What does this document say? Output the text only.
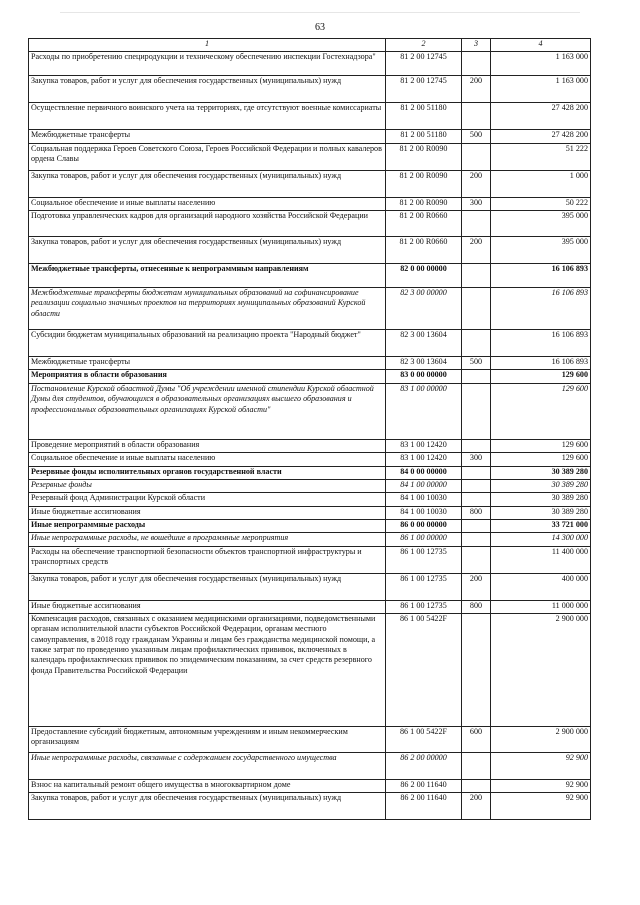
63
1	2	3	4
Расходы по приобретению специродукции и техническому обеспечению инспекции Гостехнадзора"	81 2 00 12745		1 163 000
Закупка товаров, работ и услуг для обеспечения государственных (муниципальных) нужд	81 2 00 12745	200	1 163 000
Осуществление первичного воинского учета на территориях, где отсутствуют военные комиссариаты	81 2 00 51180		27 428 200
Межбюджетные трансферты	81 2 00 51180	500	27 428 200
Социальная поддержка Героев Советского Союза, Героев Российской Федерации и полных кавалеров ордена Славы	81 2 00 R0090		51 222
Закупка товаров, работ и услуг для обеспечения государственных (муниципальных) нужд	81 2 00 R0090	200	1 000
Социальное обеспечение и иные выплаты населению	81 2 00 R0090	300	50 222
Подготовка управленческих кадров для организаций народного хозяйства Российской Федерации	81 2 00 R0660		395 000
Закупка товаров, работ и услуг для обеспечения государственных (муниципальных) нужд	81 2 00 R0660	200	395 000
Межбюджетные трансферты, отнесенные к непрограммным направлениям	82 0 00 00000		16 106 893
Межбюджетные трансферты бюджетам муниципальных образований на софинансирование реализации социально значимых проектов на территориях муниципальных образований Курской области	82 3 00 00000		16 106 893
Субсидии бюджетам муниципальных образований на реализацию проекта "Народный бюджет"	82 3 00 13604		16 106 893
Межбюджетные трансферты	82 3 00 13604	500	16 106 893
Мероприятия в области образования	83 0 00 00000		129 600
Постановление Курской областной Думы "Об учреждении именной стипендии Курской областной Думы для студентов, обучающихся в образовательных организациях высшего образования и профессиональных образовательных организациях Курской области"	83 1 00 00000		129 600
Проведение мероприятий в области образования	83 1 00 12420		129 600
Социальное обеспечение и иные выплаты населению	83 1 00 12420	300	129 600
Резервные фонды исполнительных органов государственной власти	84 0 00 00000		30 389 280
Резервные фонды	84 1 00 00000		30 389 280
Резервный фонд Администрации Курской области	84 1 00 10030		30 389 280
Иные бюджетные ассигнования	84 1 00 10030	800	30 389 280
Иные непрограммные расходы	86 0 00 00000		33 721 000
Иные непрограммные расходы, не вошедшие в программные мероприятия	86 1 00 00000		14 300 000
Расходы на обеспечение транспортной безопасности объектов транспортной инфраструктуры и транспортных средств	86 1 00 12735		11 400 000
Закупка товаров, работ и услуг для обеспечения государственных (муниципальных) нужд	86 1 00 12735	200	400 000
Иные бюджетные ассигнования	86 1 00 12735	800	11 000 000
Компенсация расходов, связанных с оказанием медицинскими организациями, подведомственными органам исполнительной власти субъектов Российской Федерации, органам местного самоуправления, в 2018 году гражданам Украины и лицам без гражданства медицинской помощи, а также затрат по проведению указанным лицам профилактических прививок, включенных в календарь профилактических прививок по эпидемическим показаниям, за счет средств резервного фонда Правительства Российской Федерации	86 1 00 5422F		2 900 000
Предоставление субсидий бюджетным, автономным учреждениям и иным некоммерческим организациям	86 1 00 5422F	600	2 900 000
Иные непрограммные расходы, связанные с содержанием государственного имущества	86 2 00 00000		92 900
Взнос на капитальный ремонт общего имущества в многоквартирном доме	86 2 00 11640		92 900
Закупка товаров, работ и услуг для обеспечения государственных (муниципальных) нужд	86 2 00 11640	200	92 900
